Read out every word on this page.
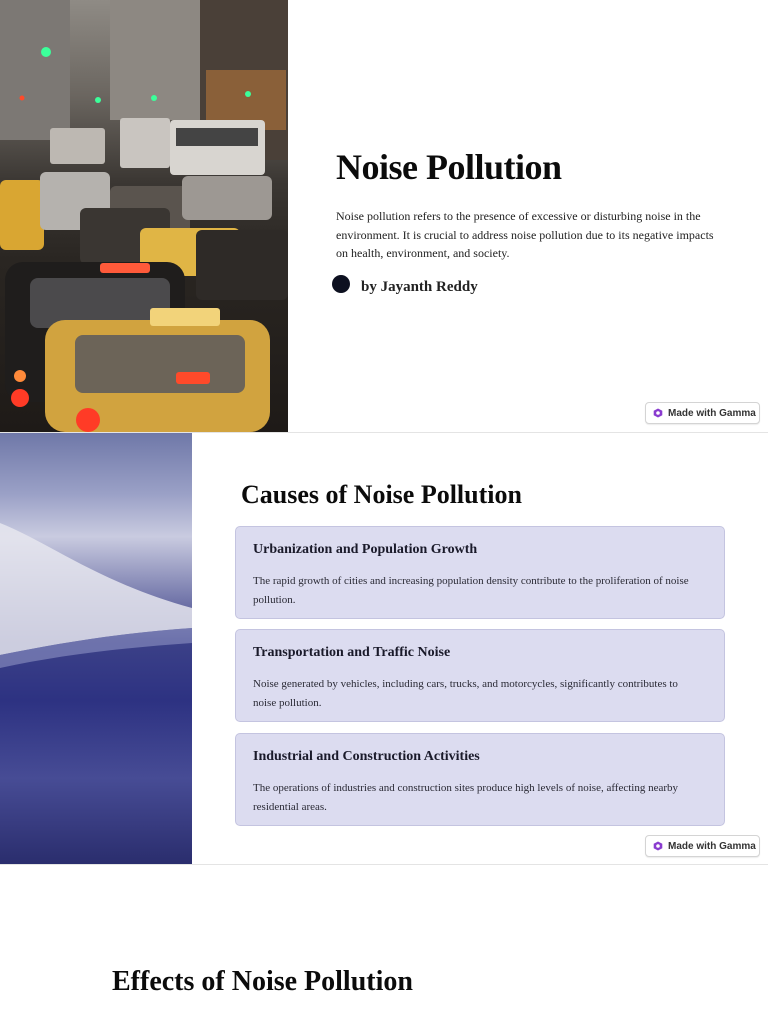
Noise Pollution

Noise pollution refers to the presence of excessive or disturbing noise in the environment. It is crucial to address noise pollution due to its negative impacts on health, environment, and society.

by Jayanth Reddy
Made with Gamma
Causes of Noise Pollution
Urbanization and Population Growth

The rapid growth of cities and increasing population density contribute to the proliferation of noise pollution.

Transportation and Traffic Noise

Noise generated by vehicles, including cars, trucks, and motorcycles, significantly contributes to noise pollution.

Industrial and Construction Activities

The operations of industries and construction sites produce high levels of noise, affecting nearby residential areas.

Made with Gamma
Effects of Noise Pollution
